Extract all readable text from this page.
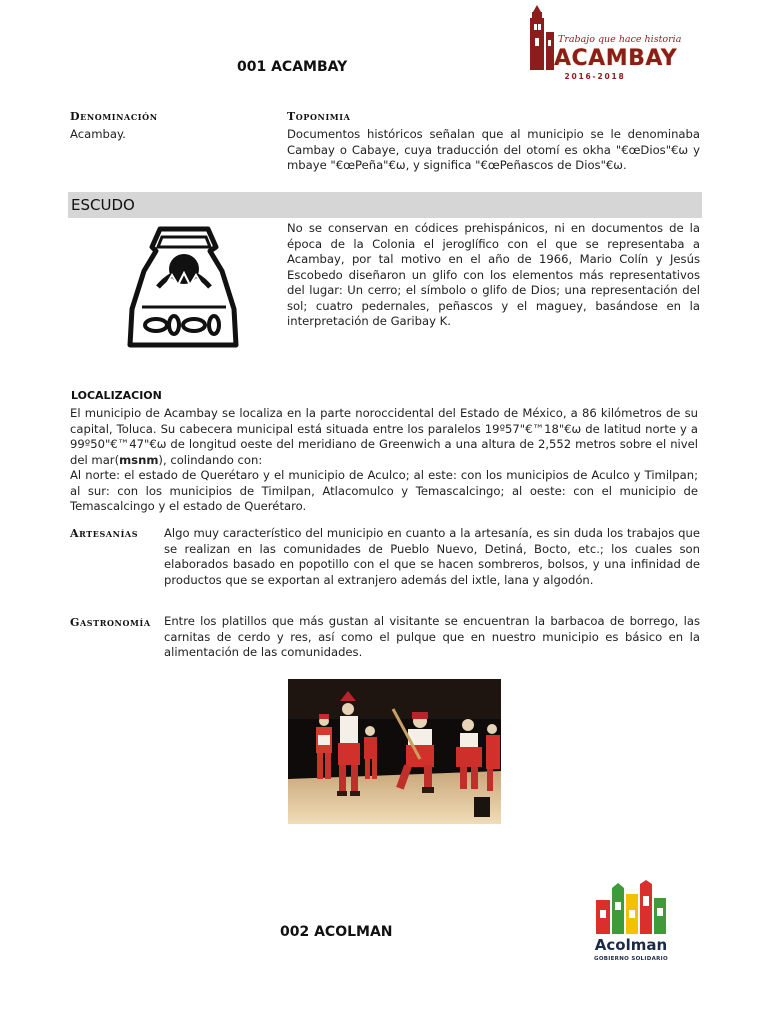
001 ACAMBAY
Trabajo que hace historia
ACAMBAY
2016-2018
Denominación
Acambay.
Toponimia
Documentos históricos señalan que al municipio se le denominaba Cambay o Cabaye, cuya traducción del otomí es okha "€œDios"€ѡ y mbaye "€œPeña"€ѡ, y significa "€œPeñascos de Dios"€ѡ.
ESCUDO
No se conservan en códices prehispánicos, ni en documentos de la época de la Colonia el jeroglífico con el que se representaba a Acambay, por tal motivo en el año de 1966, Mario Colín y Jesús Escobedo diseñaron un glifo con los elementos más representativos del lugar: Un cerro; el símbolo o glifo de Dios; una representación del sol; cuatro pedernales, peñascos y el maguey, basándose en la interpretación de Garibay K.
LOCALIZACION
El municipio de Acambay se localiza en la parte noroccidental del Estado de México, a 86 kilómetros de su capital, Toluca. Su cabecera municipal está situada entre los paralelos 19º57"€™18"€ѡ de latitud norte y a 99º50"€™47"€ѡ de longitud oeste del meridiano de Greenwich a una altura de 2,552 metros sobre el nivel del mar(msnm), colindando con:
Al norte: el estado de Querétaro y el municipio de Aculco; al este: con los municipios de Aculco y Timilpan; al sur: con los municipios de Timilpan, Atlacomulco y Temascalcingo; al oeste: con el municipio de Temascalcingo y el estado de Querétaro.
Artesanías Algo muy característico del municipio en cuanto a la artesanía, es sin duda los trabajos que se realizan en las comunidades de Pueblo Nuevo, Detiná, Bocto, etc.; los cuales son elaborados basado en popotillo con el que se hacen sombreros, bolsos, y una infinidad de productos que se exportan al extranjero además del ixtle, lana y algodón.
Gastronomía Entre los platillos que más gustan al visitante se encuentran la barbacoa de borrego, las carnitas de cerdo y res, así como el pulque que en nuestro municipio es básico en la alimentación de las comunidades.
002 ACOLMAN
Acolman
GOBIERNO SOLIDARIO
